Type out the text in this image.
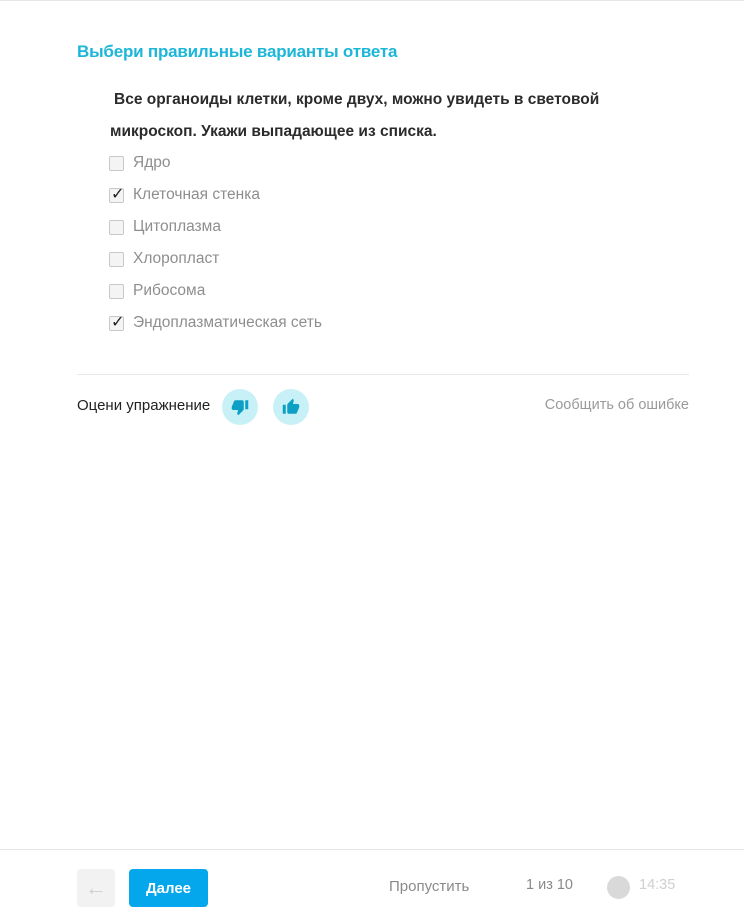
Выбери правильные варианты ответа
Все органоиды клетки, кроме двух, можно увидеть в световой микроскоп. Укажи выпадающее из списка.
Ядро
✓ Клеточная стенка
Цитоплазма
Хлоропласт
Рибосома
✓ Эндоплазматическая сеть
Оцени упражнение	Сообщить об ошибке
←	Далее	Пропустить	1 из 10	14:35
